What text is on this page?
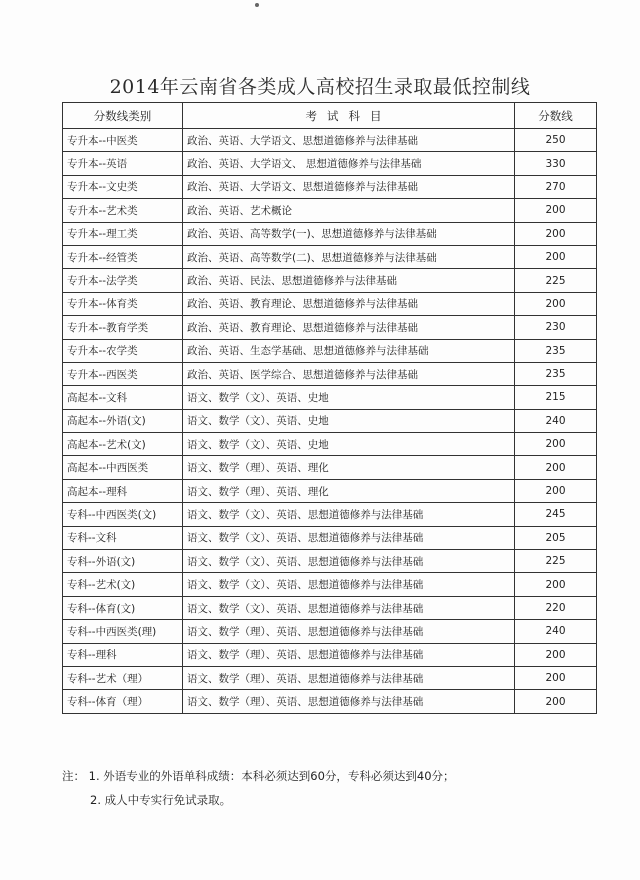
2014年云南省各类成人高校招生录取最低控制线
分数线类别	考试科目	分数线
专升本--中医类	政治、英语、大学语文、思想道德修养与法律基础	250
专升本--英语	政治、英语、大学语文、 思想道德修养与法律基础	330
专升本--文史类	政治、英语、大学语文、思想道德修养与法律基础	270
专升本--艺术类	政治、英语、艺术概论	200
专升本--理工类	政治、英语、高等数学(一)、思想道德修养与法律基础	200
专升本--经管类	政治、英语、高等数学(二)、思想道德修养与法律基础	200
专升本--法学类	政治、英语、民法、思想道德修养与法律基础	225
专升本--体育类	政治、英语、教育理论、思想道德修养与法律基础	200
专升本--教育学类	政治、英语、教育理论、思想道德修养与法律基础	230
专升本--农学类	政治、英语、生态学基础、思想道德修养与法律基础	235
专升本--西医类	政治、英语、医学综合、思想道德修养与法律基础	235
高起本--文科	语文、数学（文）、英语、史地	215
高起本--外语(文)	语文、数学（文）、英语、史地	240
高起本--艺术(文)	语文、数学（文）、英语、史地	200
高起本--中西医类	语文、数学（理）、英语、理化	200
高起本--理科	语文、数学（理）、英语、理化	200
专科--中西医类(文)	语文、数学（文）、英语、思想道德修养与法律基础	245
专科--文科	语文、数学（文）、英语、思想道德修养与法律基础	205
专科--外语(文)	语文、数学（文）、英语、思想道德修养与法律基础	225
专科--艺术(文)	语文、数学（文）、英语、思想道德修养与法律基础	200
专科--体育(文)	语文、数学（文）、英语、思想道德修养与法律基础	220
专科--中西医类(理)	语文、数学（理）、英语、思想道德修养与法律基础	240
专科--理科	语文、数学（理）、英语、思想道德修养与法律基础	200
专科--艺术（理）	语文、数学（理）、英语、思想道德修养与法律基础	200
专科--体育（理）	语文、数学（理）、英语、思想道德修养与法律基础	200
注： 1. 外语专业的外语单科成绩：本科必须达到60分，专科必须达到40分；
2. 成人中专实行免试录取。
